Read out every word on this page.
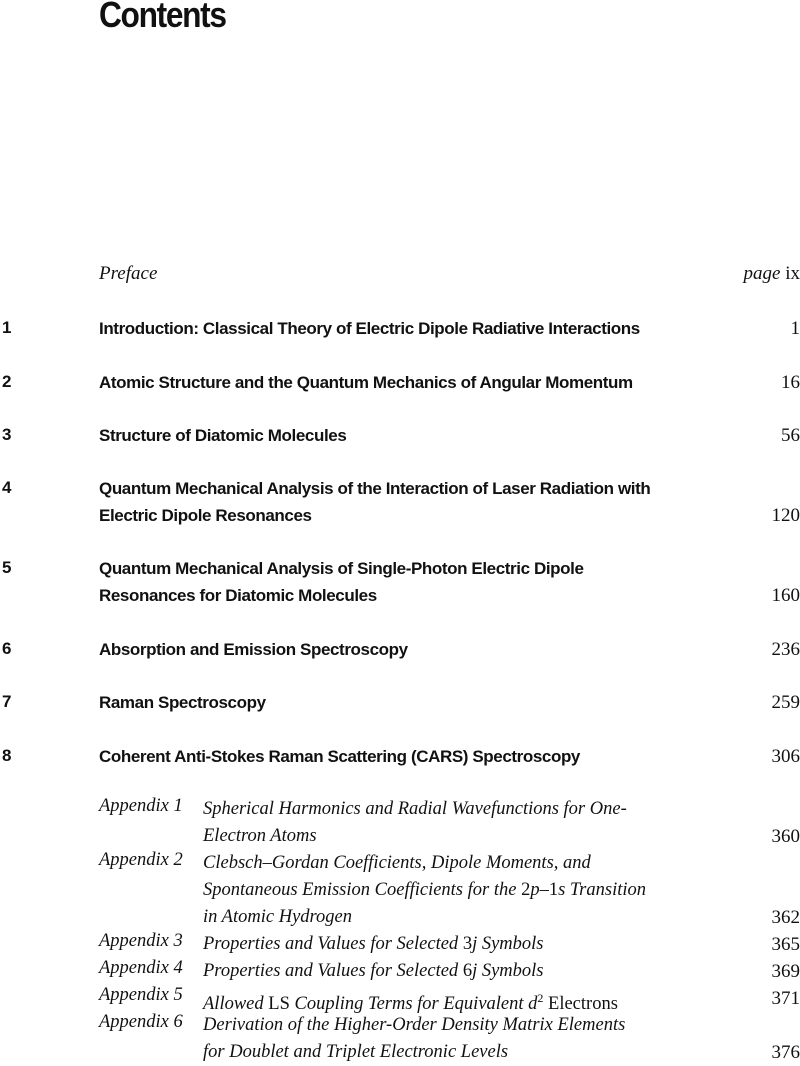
Contents
Preface	page ix
1	Introduction: Classical Theory of Electric Dipole Radiative Interactions	1
2	Atomic Structure and the Quantum Mechanics of Angular Momentum	16
3	Structure of Diatomic Molecules	56
4	Quantum Mechanical Analysis of the Interaction of Laser Radiation with Electric Dipole Resonances	120
5	Quantum Mechanical Analysis of Single-Photon Electric Dipole Resonances for Diatomic Molecules	160
6	Absorption and Emission Spectroscopy	236
7	Raman Spectroscopy	259
8	Coherent Anti-Stokes Raman Scattering (CARS) Spectroscopy	306
Appendix 1 Spherical Harmonics and Radial Wavefunctions for One-
Electron Atoms	360
Appendix 2 Clebsch–Gordan Coefficients, Dipole Moments, and
Spontaneous Emission Coefficients for the 2p–1s Transition
in Atomic Hydrogen	362
Appendix 3 Properties and Values for Selected 3j Symbols	365
Appendix 4 Properties and Values for Selected 6j Symbols	369
Appendix 5 Allowed LS Coupling Terms for Equivalent $d^2$ Electrons	371
Appendix 6 Derivation of the Higher-Order Density Matrix Elements
for Doublet and Triplet Electronic Levels	376
